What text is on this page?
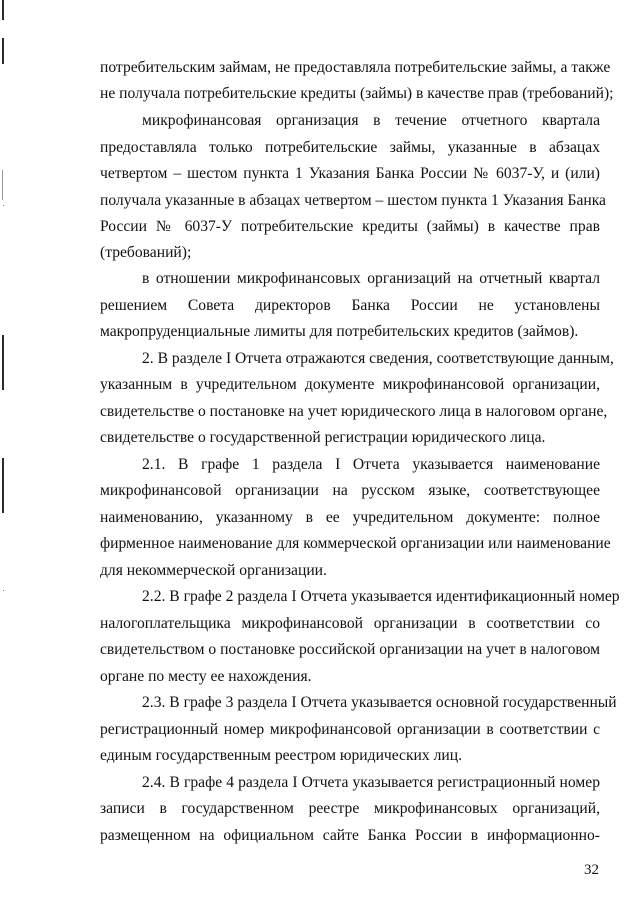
потребительским займам, не предоставляла потребительские займы, а также
не получала потребительские кредиты (займы) в качестве прав (требований);
микрофинансовая организация в течение отчетного квартала
предоставляла только потребительские займы, указанные в абзацах
четвертом – шестом пункта 1 Указания Банка России № 6037-У, и (или)
получала указанные в абзацах четвертом – шестом пункта 1 Указания Банка
России № 6037-У потребительские кредиты (займы) в качестве прав
(требований);
в отношении микрофинансовых организаций на отчетный квартал
решением Совета директоров Банка России не установлены
макропруденциальные лимиты для потребительских кредитов (займов).
2. В разделе I Отчета отражаются сведения, соответствующие данным,
указанным в учредительном документе микрофинансовой организации,
свидетельстве о постановке на учет юридического лица в налоговом органе,
свидетельстве о государственной регистрации юридического лица.
2.1. В графе 1 раздела I Отчета указывается наименование
микрофинансовой организации на русском языке, соответствующее
наименованию, указанному в ее учредительном документе: полное
фирменное наименование для коммерческой организации или наименование
для некоммерческой организации.
2.2. В графе 2 раздела I Отчета указывается идентификационный номер
налогоплательщика микрофинансовой организации в соответствии со
свидетельством о постановке российской организации на учет в налоговом
органе по месту ее нахождения.
2.3. В графе 3 раздела I Отчета указывается основной государственный
регистрационный номер микрофинансовой организации в соответствии с
единым государственным реестром юридических лиц.
2.4. В графе 4 раздела I Отчета указывается регистрационный номер
записи в государственном реестре микрофинансовых организаций,
размещенном на официальном сайте Банка России в информационно-
32
